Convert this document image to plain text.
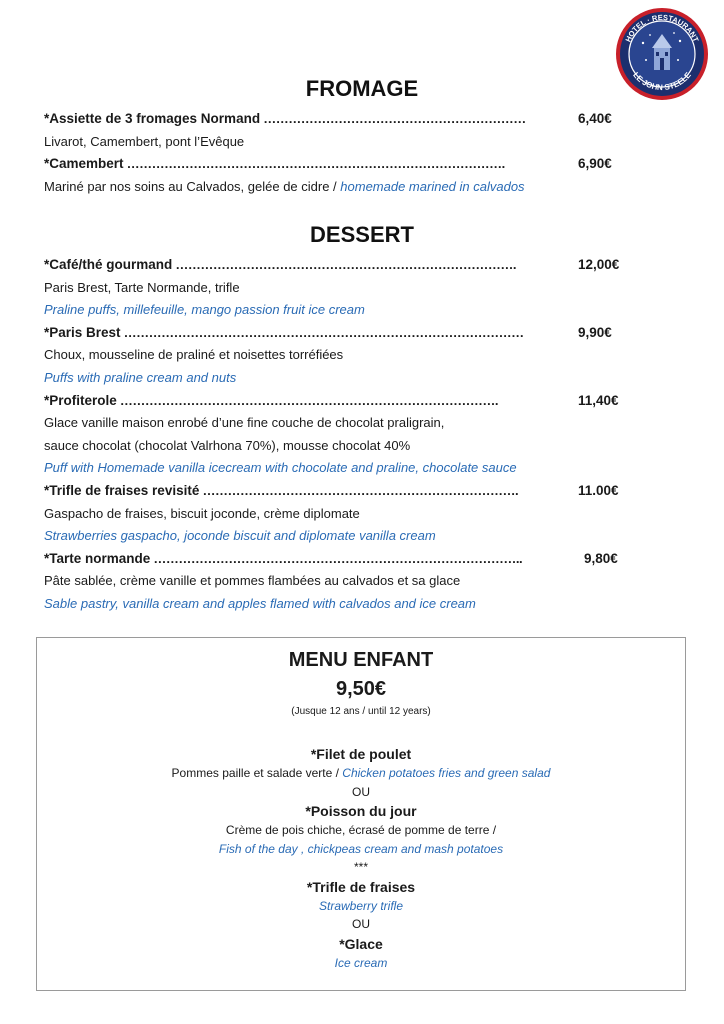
HOTEL · RESTAURANT
LE JOHN STEELE
FROMAGE
*Assiette de 3 fromages Normand ………………………………………………………	6,40€
Livarot, Camembert, pont l’Evêque
*Camembert ……………………………………………………………………………….	6,90€
Mariné par nos soins au Calvados, gelée de cidre / homemade marined in calvados
DESSERT
*Café/thé gourmand ……………………………………………………………………….	12,00€
Paris Brest, Tarte Normande, trifle
Praline puffs, millefeuille, mango passion fruit ice cream
*Paris Brest ……………………………………………………………………………………	9,90€
Choux, mousseline de praliné et noisettes torréfiées
Puffs with praline cream and nuts
*Profiterole ……………………………………………………………………………….	11,40€
Glace vanille maison enrobé d’une fine couche de chocolat praligrain,
sauce chocolat (chocolat Valrhona 70%), mousse chocolat 40%
Puff with Homemade vanilla icecream with chocolate and praline, chocolate sauce
*Trifle de fraises revisité ………………………………………………………………….	11.00€
Gaspacho de fraises, biscuit joconde, crème diplomate
Strawberries gaspacho, joconde biscuit and diplomate vanilla cream
*Tarte normande ……………………………………………………………………………..	9,80€
Pâte sablée, crème vanille et pommes flambées au calvados et sa glace
Sable pastry, vanilla cream and apples flamed with calvados and ice cream
MENU ENFANT
9,50€
(Jusque 12 ans / until 12 years)
*Filet de poulet
Pommes paille et salade verte / Chicken potatoes fries and green salad
OU
*Poisson du jour
Crème de pois chiche, écrasé de pomme de terre /
Fish of the day , chickpeas cream and mash potatoes
***
*Trifle de fraises
Strawberry trifle
OU
*Glace
Ice cream
